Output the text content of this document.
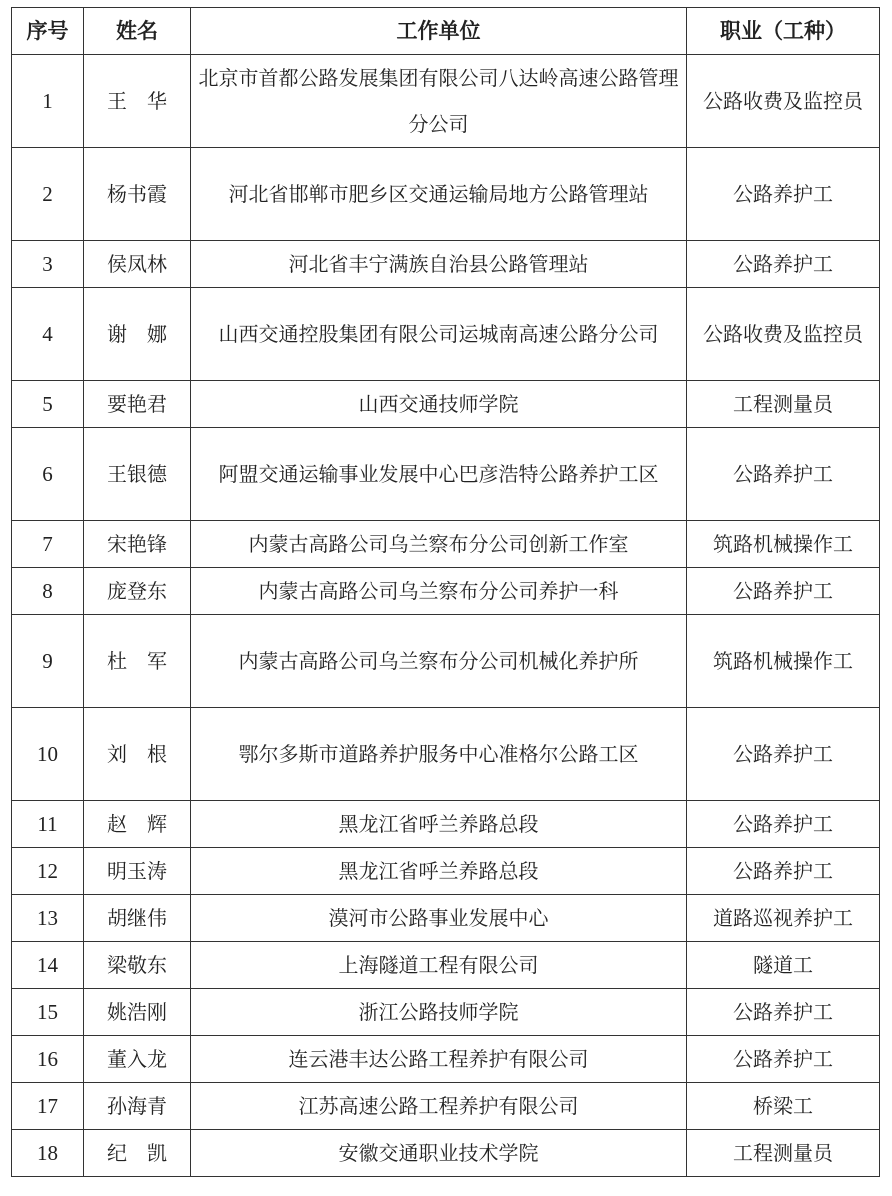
序号	姓名	工作单位	职业（工种）
1	王　华	北京市首都公路发展集团有限公司八达岭高速公路管理分公司	公路收费及监控员
2	杨书霞	河北省邯郸市肥乡区交通运输局地方公路管理站	公路养护工
3	侯凤林	河北省丰宁满族自治县公路管理站	公路养护工
4	谢　娜	山西交通控股集团有限公司运城南高速公路分公司	公路收费及监控员
5	要艳君	山西交通技师学院	工程测量员
6	王银德	阿盟交通运输事业发展中心巴彦浩特公路养护工区	公路养护工
7	宋艳锋	内蒙古高路公司乌兰察布分公司创新工作室	筑路机械操作工
8	庞登东	内蒙古高路公司乌兰察布分公司养护一科	公路养护工
9	杜　军	内蒙古高路公司乌兰察布分公司机械化养护所	筑路机械操作工
10	刘　根	鄂尔多斯市道路养护服务中心准格尔公路工区	公路养护工
11	赵　辉	黑龙江省呼兰养路总段	公路养护工
12	明玉涛	黑龙江省呼兰养路总段	公路养护工
13	胡继伟	漠河市公路事业发展中心	道路巡视养护工
14	梁敬东	上海隧道工程有限公司	隧道工
15	姚浩刚	浙江公路技师学院	公路养护工
16	董入龙	连云港丰达公路工程养护有限公司	公路养护工
17	孙海青	江苏高速公路工程养护有限公司	桥梁工
18	纪　凯	安徽交通职业技术学院	工程测量员
